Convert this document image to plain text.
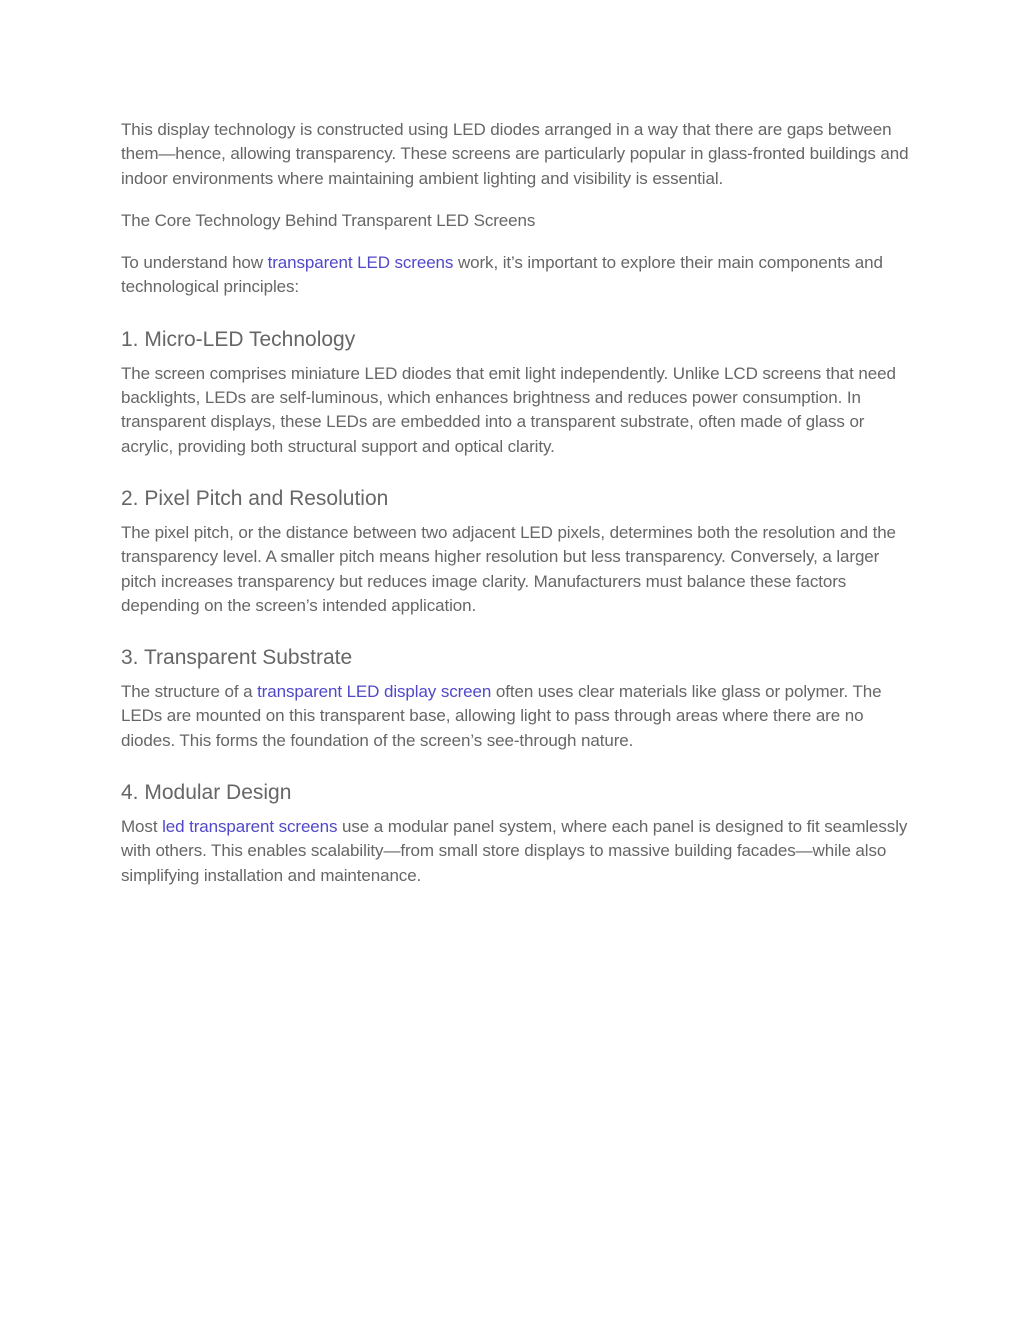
This display technology is constructed using LED diodes arranged in a way that there are gaps between them—hence, allowing transparency. These screens are particularly popular in glass-fronted buildings and indoor environments where maintaining ambient lighting and visibility is essential.

The Core Technology Behind Transparent LED Screens

To understand how transparent LED screens work, it’s important to explore their main components and technological principles:

1. Micro-LED Technology

The screen comprises miniature LED diodes that emit light independently. Unlike LCD screens that need backlights, LEDs are self-luminous, which enhances brightness and reduces power consumption. In transparent displays, these LEDs are embedded into a transparent substrate, often made of glass or acrylic, providing both structural support and optical clarity.

2. Pixel Pitch and Resolution

The pixel pitch, or the distance between two adjacent LED pixels, determines both the resolution and the transparency level. A smaller pitch means higher resolution but less transparency. Conversely, a larger pitch increases transparency but reduces image clarity. Manufacturers must balance these factors depending on the screen’s intended application.

3. Transparent Substrate

The structure of a transparent LED display screen often uses clear materials like glass or polymer. The LEDs are mounted on this transparent base, allowing light to pass through areas where there are no diodes. This forms the foundation of the screen’s see-through nature.

4. Modular Design

Most led transparent screens use a modular panel system, where each panel is designed to fit seamlessly with others. This enables scalability—from small store displays to massive building facades—while also simplifying installation and maintenance.
